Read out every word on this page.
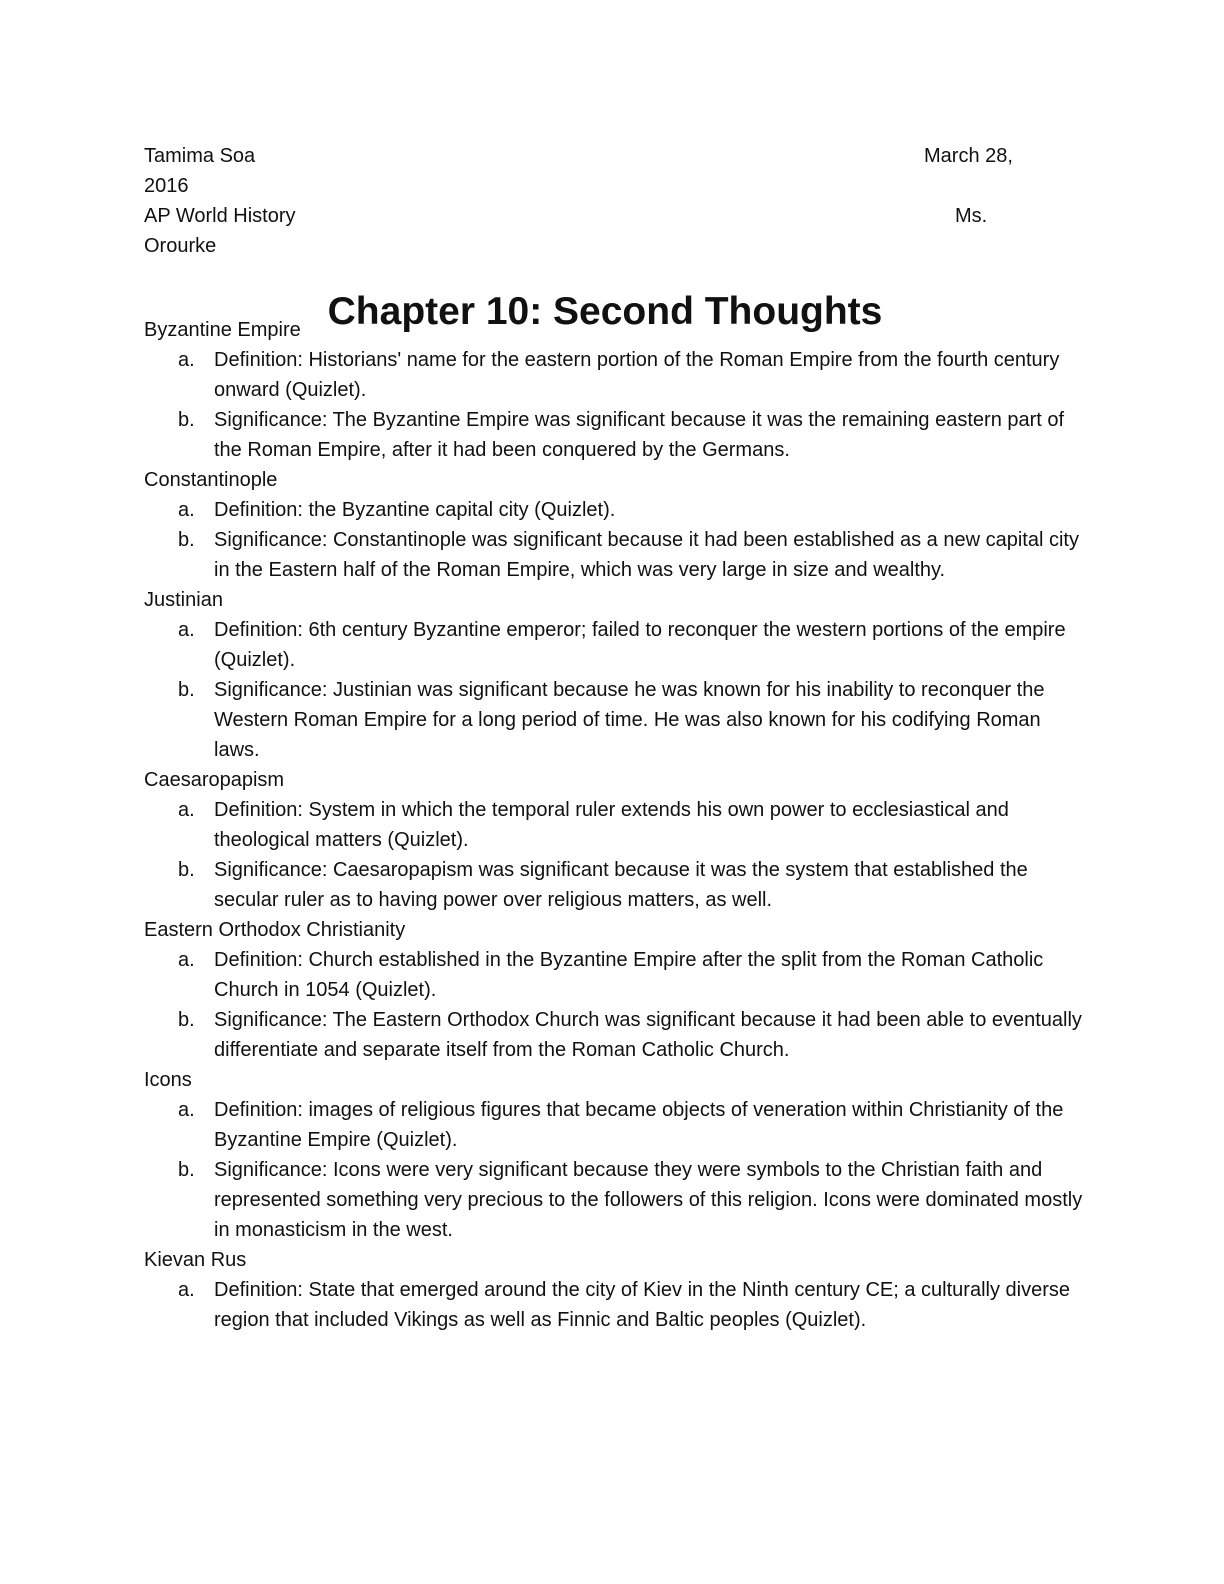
Tamima Soa	March 28,
2016
AP World History	Ms.
Orourke
Chapter 10: Second Thoughts

Byzantine Empire

a. Definition: Historians' name for the eastern portion of the Roman Empire from the fourth century onward (Quizlet).
b. Significance: The Byzantine Empire was significant because it was the remaining eastern part of the Roman Empire, after it had been conquered by the Germans.

Constantinople

a. Definition: the Byzantine capital city (Quizlet).
b. Significance: Constantinople was significant because it had been established as a new capital city in the Eastern half of the Roman Empire, which was very large in size and wealthy.

Justinian

a. Definition: 6th century Byzantine emperor; failed to reconquer the western portions of the empire (Quizlet).
b. Significance: Justinian was significant because he was known for his inability to reconquer the Western Roman Empire for a long period of time. He was also known for his codifying Roman laws.

Caesaropapism

a. Definition: System in which the temporal ruler extends his own power to ecclesiastical and theological matters (Quizlet).
b. Significance: Caesaropapism was significant because it was the system that established the secular ruler as to having power over religious matters, as well.

Eastern Orthodox Christianity

a. Definition: Church established in the Byzantine Empire after the split from the Roman Catholic Church in 1054 (Quizlet).
b. Significance: The Eastern Orthodox Church was significant because it had been able to eventually differentiate and separate itself from the Roman Catholic Church.

Icons

a. Definition: images of religious figures that became objects of veneration within Christianity of the Byzantine Empire (Quizlet).
b. Significance: Icons were very significant because they were symbols to the Christian faith and represented something very precious to the followers of this religion. Icons were dominated mostly in monasticism in the west.

Kievan Rus

a. Definition: State that emerged around the city of Kiev in the Ninth century CE; a culturally diverse region that included Vikings as well as Finnic and Baltic peoples (Quizlet).
